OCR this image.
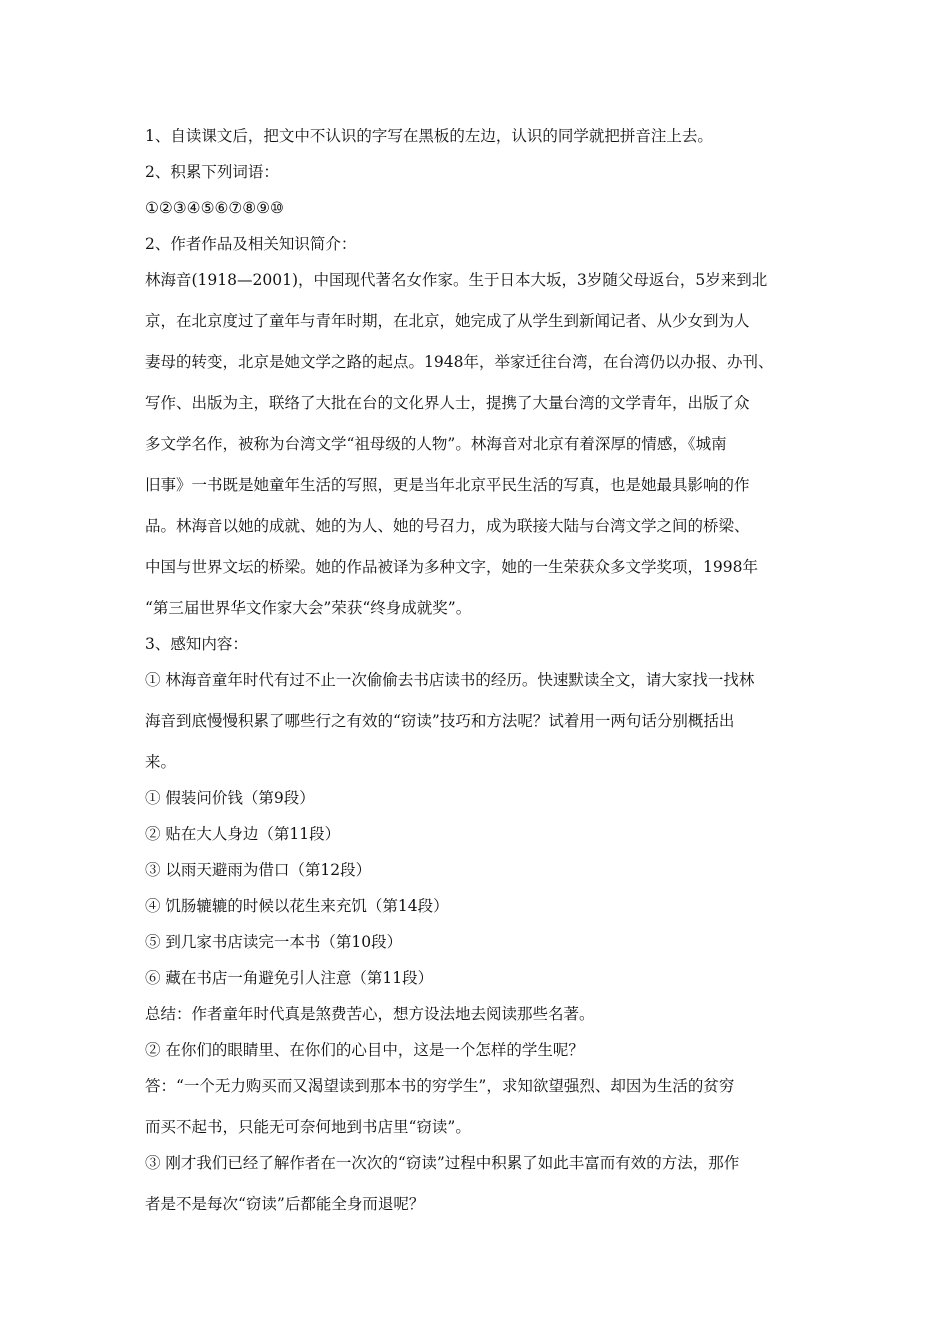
1、自读课文后，把文中不认识的字写在黑板的左边，认识的同学就把拼音注上去。

2、积累下列词语：

①②③④⑤⑥⑦⑧⑨⑩

2、作者作品及相关知识简介：

林海音(1918—2001)，中国现代著名女作家。生于日本大坂，3岁随父母返台，5岁来到北

京，在北京度过了童年与青年时期，在北京，她完成了从学生到新闻记者、从少女到为人

妻母的转变，北京是她文学之路的起点。1948年，举家迁往台湾，在台湾仍以办报、办刊、

写作、出版为主，联络了大批在台的文化界人士，提携了大量台湾的文学青年，出版了众

多文学名作，被称为台湾文学“祖母级的人物”。林海音对北京有着深厚的情感，《城南

旧事》一书既是她童年生活的写照，更是当年北京平民生活的写真，也是她最具影响的作

品。林海音以她的成就、她的为人、她的号召力，成为联接大陆与台湾文学之间的桥梁、

中国与世界文坛的桥梁。她的作品被译为多种文字，她的一生荣获众多文学奖项，1998年

“第三届世界华文作家大会”荣获“终身成就奖”。

3、感知内容：

① 林海音童年时代有过不止一次偷偷去书店读书的经历。快速默读全文，请大家找一找林

海音到底慢慢积累了哪些行之有效的“窃读”技巧和方法呢？试着用一两句话分别概括出

来。

① 假装问价钱（第9段）

② 贴在大人身边（第11段）

③ 以雨天避雨为借口（第12段）

④ 饥肠辘辘的时候以花生来充饥（第14段）

⑤ 到几家书店读完一本书（第10段）

⑥ 藏在书店一角避免引人注意（第11段）

总结：作者童年时代真是煞费苦心，想方设法地去阅读那些名著。

② 在你们的眼睛里、在你们的心目中，这是一个怎样的学生呢？

答：“一个无力购买而又渴望读到那本书的穷学生”，求知欲望强烈、却因为生活的贫穷

而买不起书，只能无可奈何地到书店里“窃读”。

③ 刚才我们已经了解作者在一次次的“窃读”过程中积累了如此丰富而有效的方法，那作

者是不是每次“窃读”后都能全身而退呢？
